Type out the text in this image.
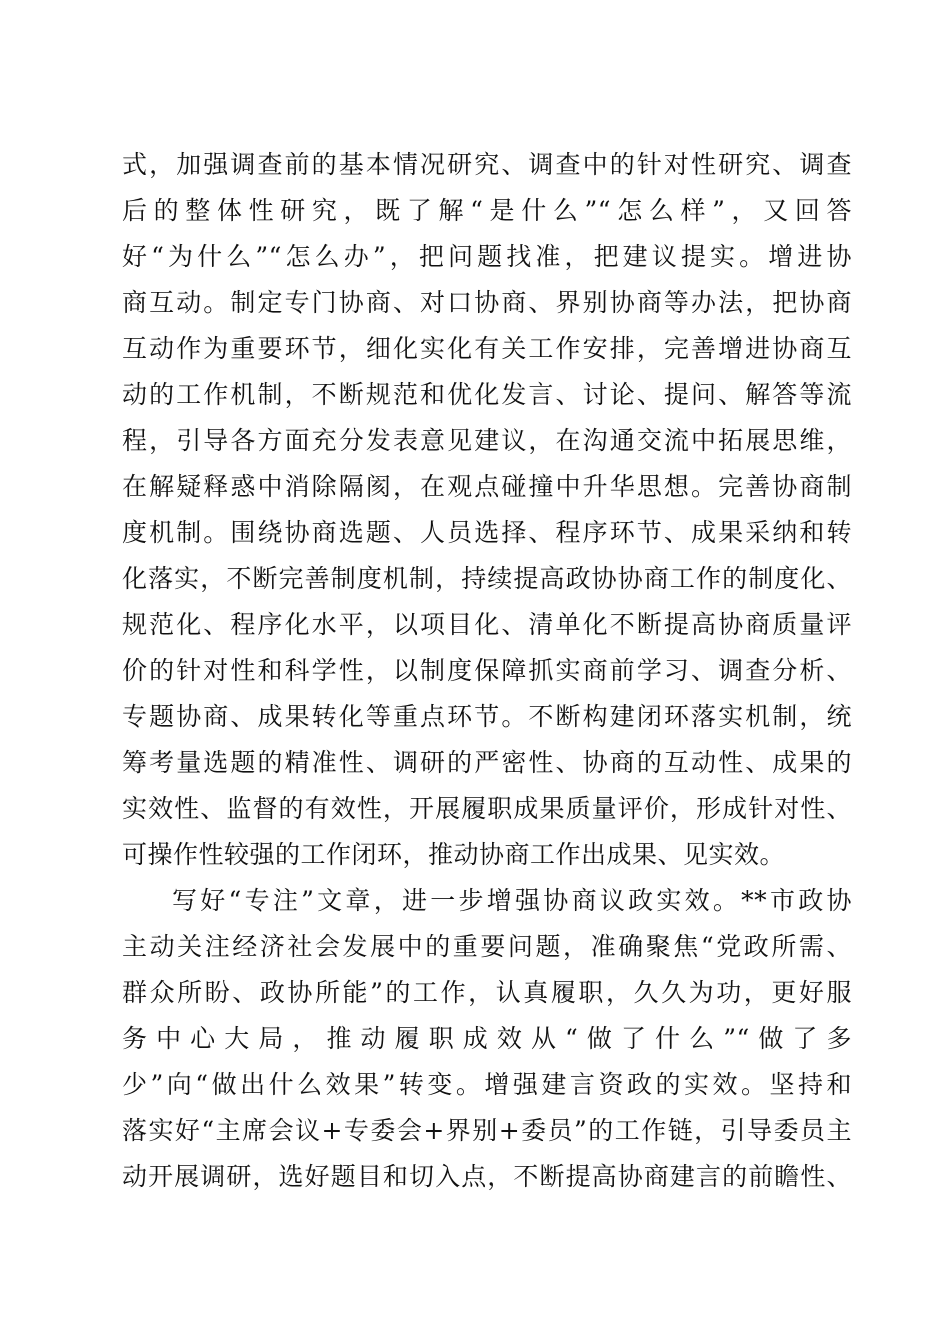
式，加强调查前的基本情况研究、调查中的针对性研究、调查
后的整体性研究，既了解“是什么”“怎么样”，又回答
好“为什么”“怎么办”，把问题找准，把建议提实。增进协
商互动。制定专门协商、对口协商、界别协商等办法，把协商
互动作为重要环节，细化实化有关工作安排，完善增进协商互
动的工作机制，不断规范和优化发言、讨论、提问、解答等流
程，引导各方面充分发表意见建议，在沟通交流中拓展思维，
在解疑释惑中消除隔阂，在观点碰撞中升华思想。完善协商制
度机制。围绕协商选题、人员选择、程序环节、成果采纳和转
化落实，不断完善制度机制，持续提高政协协商工作的制度化、
规范化、程序化水平，以项目化、清单化不断提高协商质量评
价的针对性和科学性，以制度保障抓实商前学习、调查分析、
专题协商、成果转化等重点环节。不断构建闭环落实机制，统
筹考量选题的精准性、调研的严密性、协商的互动性、成果的
实效性、监督的有效性，开展履职成果质量评价，形成针对性、
可操作性较强的工作闭环，推动协商工作出成果、见实效。
写好“专注”文章，进一步增强协商议政实效。**市政协
主动关注经济社会发展中的重要问题，准确聚焦“党政所需、
群众所盼、政协所能”的工作，认真履职，久久为功，更好服
务中心大局，推动履职成效从“做了什么”“做了多
少”向“做出什么效果”转变。增强建言资政的实效。坚持和
落实好“主席会议+专委会+界别+委员”的工作链，引导委员主
动开展调研，选好题目和切入点，不断提高协商建言的前瞻性、
